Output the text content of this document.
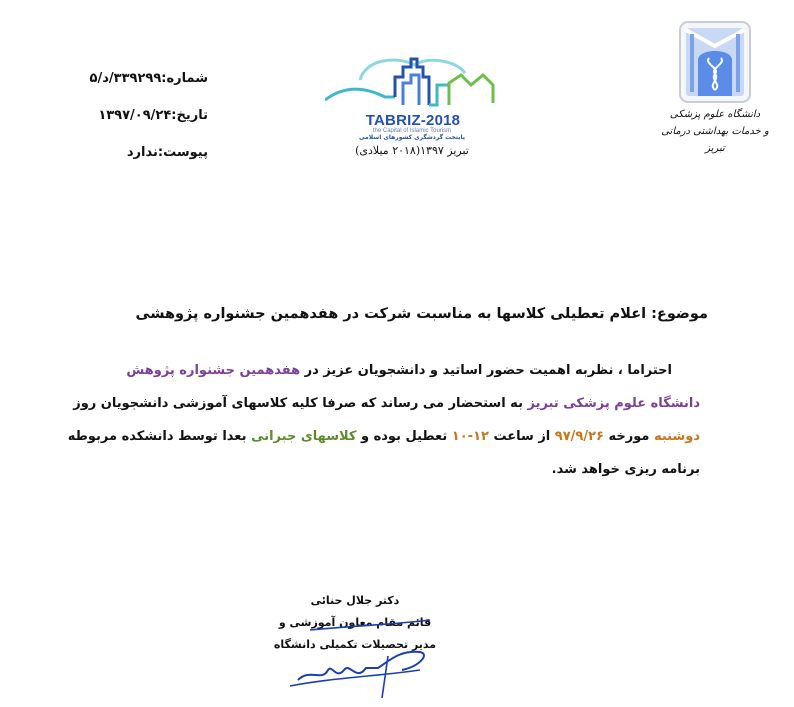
شماره:۳۳۹۲۹۹/د/۵
تاریخ:۱۳۹۷/۰۹/۲۴
پیوست:ندارد
TABRIZ-2018
the Capital of Islamic Tourism
پایتخت گردشگری کشورهای اسلامی
تبریز ۱۳۹۷(۲۰۱۸ میلادی)
دانشگاه علوم پزشکی
و خدمات بهداشتی درمانی تبریز
موضوع: اعلام تعطیلی کلاسها به مناسبت شرکت در هفدهمین جشنواره پژوهشی
احتراما ، نظربه اهمیت حضور اساتید و دانشجویان عزیز در هفدهمین جشنواره پژوهش
دانشگاه علوم پزشکی تبریز به استحضار می رساند که صرفا کلیه کلاسهای آموزشی دانشجویان روز
دوشنبه مورخه ۹۷/۹/۲۶ از ساعت ۱۲-۱۰ تعطیل بوده و کلاسهای جبرانی بعدا توسط دانشکده مربوطه
برنامه ریزی خواهد شد.
دکتر جلال حنائی
قائم مقام معاون آموزشی و
مدیر تحصیلات تکمیلی دانشگاه
